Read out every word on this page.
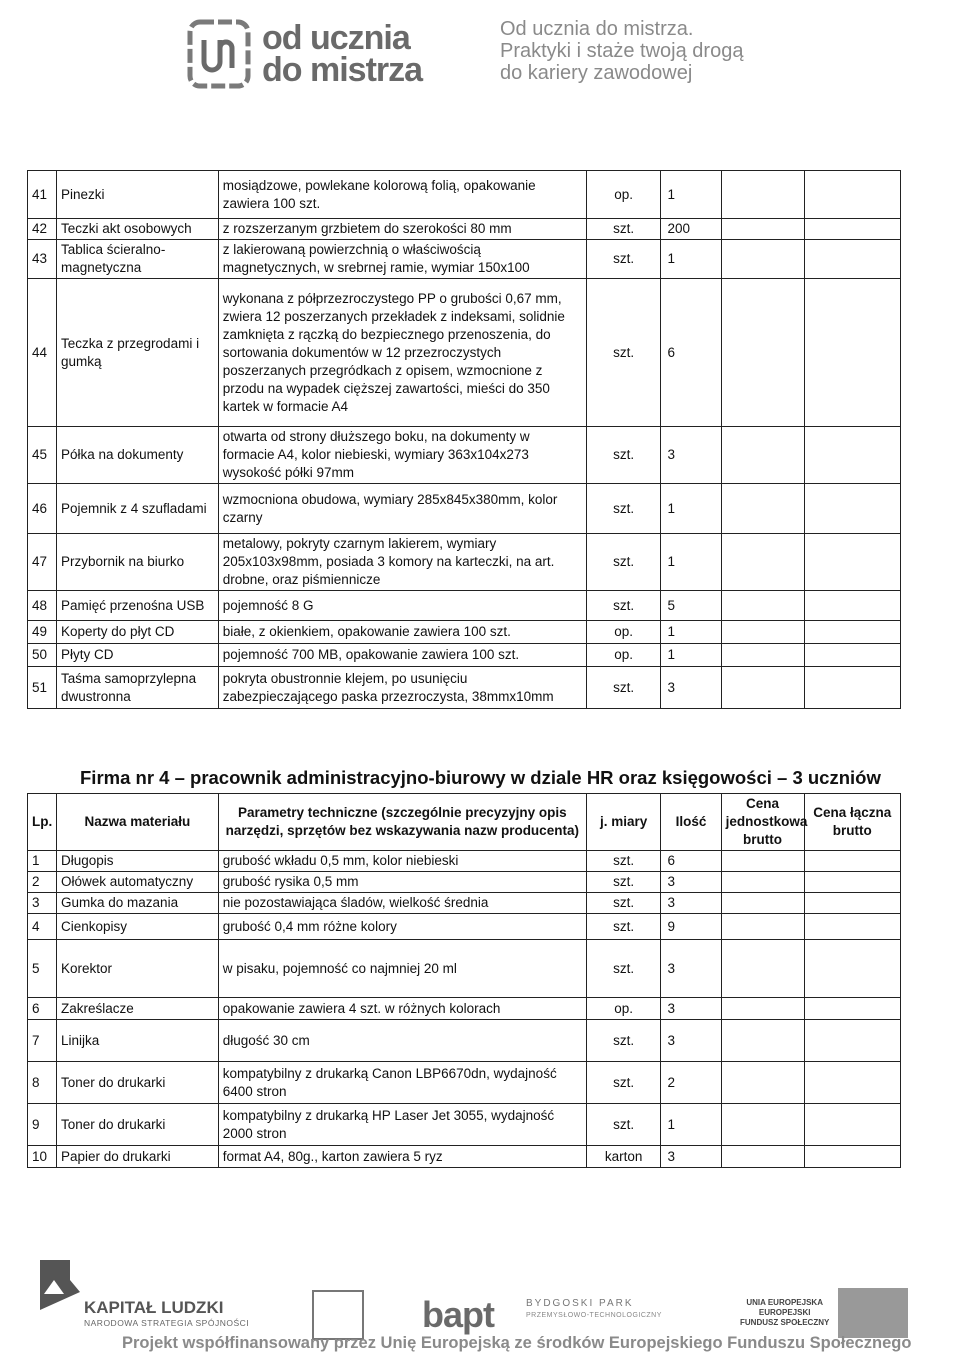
od ucznia
do mistrza
Od ucznia do mistrza.
Praktyki i staże twoją drogą
do kariery zawodowej
41	Pinezki	mosiądzowe, powlekane kolorową folią, opakowanie zawiera 100 szt.	op.	1		
42	Teczki akt osobowych	z rozszerzanym grzbietem do szerokości 80 mm	szt.	200		
43	Tablica ścieralno-magnetyczna	z lakierowaną powierzchnią o właściwością magnetycznych, w srebrnej ramie, wymiar 150x100	szt.	1		
44	Teczka z przegrodami i gumką	wykonana z półprzezroczystego PP o grubości 0,67 mm, zwiera 12 poszerzanych przekładek z indeksami, solidnie zamknięta z rączką do bezpiecznego przenoszenia, do sortowania dokumentów w 12 przezroczystych poszerzanych przegródkach z opisem, wzmocnione z przodu na wypadek cięższej zawartości, mieści do 350 kartek w formacie A4	szt.	6		
45	Półka na dokumenty	otwarta od strony dłuższego boku, na dokumenty w formacie A4, kolor niebieski, wymiary 363x104x273 wysokość półki 97mm	szt.	3		
46	Pojemnik z 4 szufladami	wzmocniona obudowa, wymiary 285x845x380mm, kolor czarny	szt.	1		
47	Przybornik na biurko	metalowy, pokryty czarnym lakierem, wymiary 205x103x98mm, posiada 3 komory na karteczki, na art. drobne, oraz piśmiennicze	szt.	1		
48	Pamięć przenośna USB	pojemność 8 G	szt.	5		
49	Koperty do płyt CD	białe, z okienkiem, opakowanie zawiera 100 szt.	op.	1		
50	Płyty CD	pojemność 700 MB, opakowanie zawiera 100 szt.	op.	1		
51	Taśma samoprzylepna dwustronna	pokryta obustronnie klejem, po usunięciu zabezpieczającego paska przezroczysta, 38mmx10mm	szt.	3		
Firma nr 4 – pracownik administracyjno-biurowy w dziale HR oraz księgowości – 3 uczniów
Lp.	Nazwa materiału	Parametry techniczne (szczególnie precyzyjny opis narzędzi, sprzętów bez wskazywania nazw producenta)	j. miary	Ilość	Cena jednostkowa brutto	Cena łączna brutto
1	Długopis	grubość wkładu 0,5 mm, kolor niebieski	szt.	6		
2	Ołówek automatyczny	grubość rysika 0,5 mm	szt.	3		
3	Gumka do mazania	nie pozostawiająca śladów, wielkość średnia	szt.	3		
4	Cienkopisy	grubość 0,4 mm różne kolory	szt.	9		
5	Korektor	w pisaku, pojemność co najmniej 20 ml	szt.	3		
6	Zakreślacze	opakowanie zawiera 4 szt. w różnych kolorach	op.	3		
7	Linijka	długość 30 cm	szt.	3		
8	Toner do drukarki	kompatybilny z drukarką Canon LBP6670dn, wydajność 6400 stron	szt.	2		
9	Toner do drukarki	kompatybilny z drukarką HP Laser Jet 3055, wydajność 2000 stron	szt.	1		
10	Papier do drukarki	format A4, 80g., karton zawiera 5 ryz	karton	3		
KAPITAŁ LUDZKI
NARODOWA STRATEGIA SPÓJNOŚCI	bapt	BYDGOSKI PARK
PRZEMYSŁOWO-TECHNOLOGICZNY
UNIA EUROPEJSKA
EUROPEJSKI
FUNDUSZ SPOŁECZNY
Projekt współfinansowany przez Unię Europejską ze środków Europejskiego Funduszu Społecznego
